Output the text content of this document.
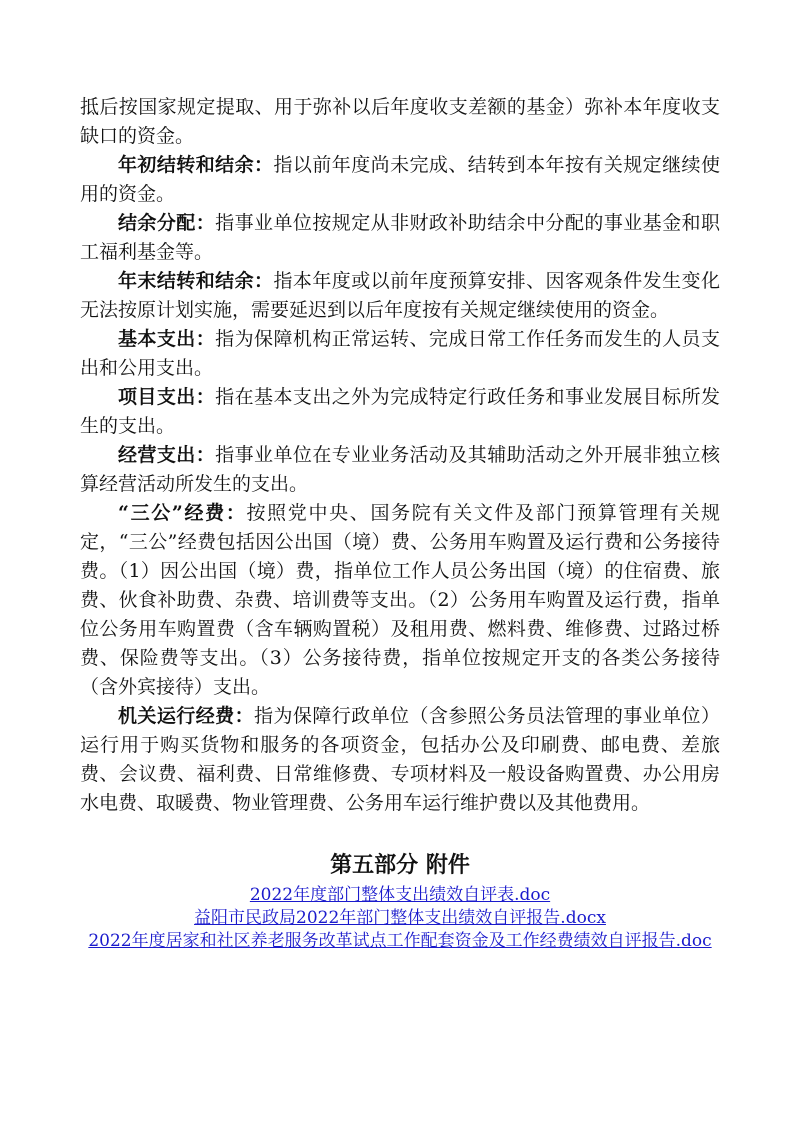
抵后按国家规定提取、用于弥补以后年度收支差额的基金）弥补本年度收支缺口的资金。

年初结转和结余：指以前年度尚未完成、结转到本年按有关规定继续使用的资金。

结余分配：指事业单位按规定从非财政补助结余中分配的事业基金和职工福利基金等。

年末结转和结余：指本年度或以前年度预算安排、因客观条件发生变化无法按原计划实施，需要延迟到以后年度按有关规定继续使用的资金。

基本支出：指为保障机构正常运转、完成日常工作任务而发生的人员支出和公用支出。

项目支出：指在基本支出之外为完成特定行政任务和事业发展目标所发生的支出。

经营支出：指事业单位在专业业务活动及其辅助活动之外开展非独立核算经营活动所发生的支出。

“三公”经费：按照党中央、国务院有关文件及部门预算管理有关规定，“三公”经费包括因公出国（境）费、公务用车购置及运行费和公务接待费。（1）因公出国（境）费，指单位工作人员公务出国（境）的住宿费、旅费、伙食补助费、杂费、培训费等支出。（2）公务用车购置及运行费，指单位公务用车购置费（含车辆购置税）及租用费、燃料费、维修费、过路过桥费、保险费等支出。（3）公务接待费，指单位按规定开支的各类公务接待（含外宾接待）支出。

机关运行经费：指为保障行政单位（含参照公务员法管理的事业单位）运行用于购买货物和服务的各项资金，包括办公及印刷费、邮电费、差旅费、会议费、福利费、日常维修费、专项材料及一般设备购置费、办公用房水电费、取暖费、物业管理费、公务用车运行维护费以及其他费用。

第五部分 附件
2022年度部门整体支出绩效自评表.doc
益阳市民政局2022年部门整体支出绩效自评报告.docx
2022年度居家和社区养老服务改革试点工作配套资金及工作经费绩效自评报告.doc
